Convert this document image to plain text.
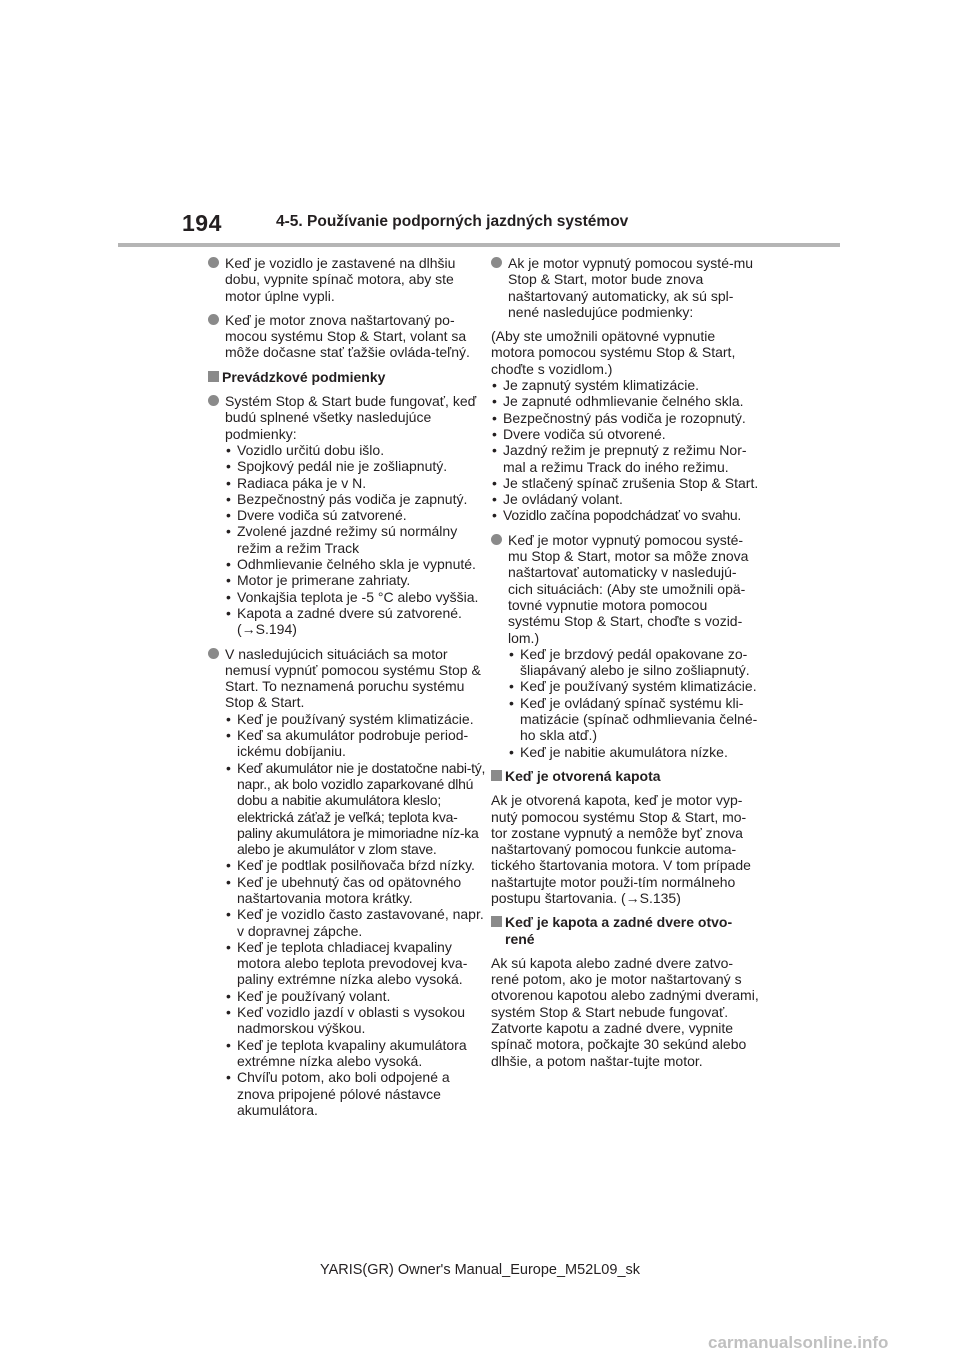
194	4-5. Používanie podporných jazdných systémov
Keď je vozidlo je zastavené na dlhšiu dobu, vypnite spínač motora, aby ste motor úplne vypli.
Keď je motor znova naštartovaný po-mocou systému Stop & Start, volant sa môže dočasne stať ťažšie ovláda-teľný.
Prevádzkové podmienky
Systém Stop & Start bude fungovať, keď budú splnené všetky nasledujúce podmienky:
• Vozidlo určitú dobu išlo.
• Spojkový pedál nie je zošliapnutý.
• Radiaca páka je v N.
• Bezpečnostný pás vodiča je zapnutý.
• Dvere vodiča sú zatvorené.
• Zvolené jazdné režimy sú normálny režim a režim Track
• Odhmlievanie čelného skla je vypnuté.
• Motor je primerane zahriaty.
• Vonkajšia teplota je -5 °C alebo vyššia.
• Kapota a zadné dvere sú zatvorené. (→S.194)
V nasledujúcich situáciách sa motor nemusí vypnúť pomocou systému Stop & Start. To neznamená poruchu systému Stop & Start.
• Keď je používaný systém klimatizácie.
• Keď sa akumulátor podrobuje period-ickému dobíjaniu.
• Keď akumulátor nie je dostatočne nabi-tý, napr., ak bolo vozidlo zaparkované dlhú dobu a nabitie akumulátora kleslo; elektrická záťaž je veľká; teplota kva-paliny akumulátora je mimoriadne níz-ka alebo je akumulátor v zlom stave.
• Keď je podtlak posilňovača bŕzd nízky.
• Keď je ubehnutý čas od opätovného naštartovania motora krátky.
• Keď je vozidlo často zastavované, napr. v dopravnej zápche.
• Keď je teplota chladiacej kvapaliny motora alebo teplota prevodovej kva-paliny extrémne nízka alebo vysoká.
• Keď je používaný volant.
• Keď vozidlo jazdí v oblasti s vysokou nadmorskou výškou.
• Keď je teplota kvapaliny akumulátora extrémne nízka alebo vysoká.
• Chvíľu potom, ako boli odpojené a znova pripojené pólové nástavce akumulátora.
Ak je motor vypnutý pomocou systé-mu Stop & Start, motor bude znova naštartovaný automaticky, ak sú spl-nené nasledujúce podmienky:
(Aby ste umožnili opätovné vypnutie motora pomocou systému Stop & Start, choďte s vozidlom.)
• Je zapnutý systém klimatizácie.
• Je zapnuté odhmlievanie čelného skla.
• Bezpečnostný pás vodiča je rozopnutý.
• Dvere vodiča sú otvorené.
• Jazdný režim je prepnutý z režimu Nor-mal a režimu Track do iného režimu.
• Je stlačený spínač zrušenia Stop & Start.
• Je ovládaný volant.
• Vozidlo začína popodchádzať vo svahu.
Keď je motor vypnutý pomocou systé-mu Stop & Start, motor sa môže znova naštartovať automaticky v nasledujú-cich situáciách: (Aby ste umožnili opä-tovné vypnutie motora pomocou systému Stop & Start, choďte s vozid-lom.)
• Keď je brzdový pedál opakovane zo-šliapávaný alebo je silno zošliapnutý.
• Keď je používaný systém klimatizácie.
• Keď je ovládaný spínač systému kli-matizácie (spínač odhmlievania čelné-ho skla atď.)
• Keď je nabitie akumulátora nízke.
Keď je otvorená kapota
Ak je otvorená kapota, keď je motor vyp-nutý pomocou systému Stop & Start, mo-tor zostane vypnutý a nemôže byť znova naštartovaný pomocou funkcie automa-tického štartovania motora. V tom prípade naštartujte motor použi-tím normálneho postupu štartovania. (→S.135)
Keď je kapota a zadné dvere otvo-rené
Ak sú kapota alebo zadné dvere zatvo-rené potom, ako je motor naštartovaný s otvorenou kapotou alebo zadnými dverami, systém Stop & Start nebude fungovať. Zatvorte kapotu a zadné dvere, vypnite spínač motora, počkajte 30 sekúnd alebo dlhšie, a potom naštar-tujte motor.
YARIS(GR) Owner's Manual_Europe_M52L09_sk
carmanualsonline.info
